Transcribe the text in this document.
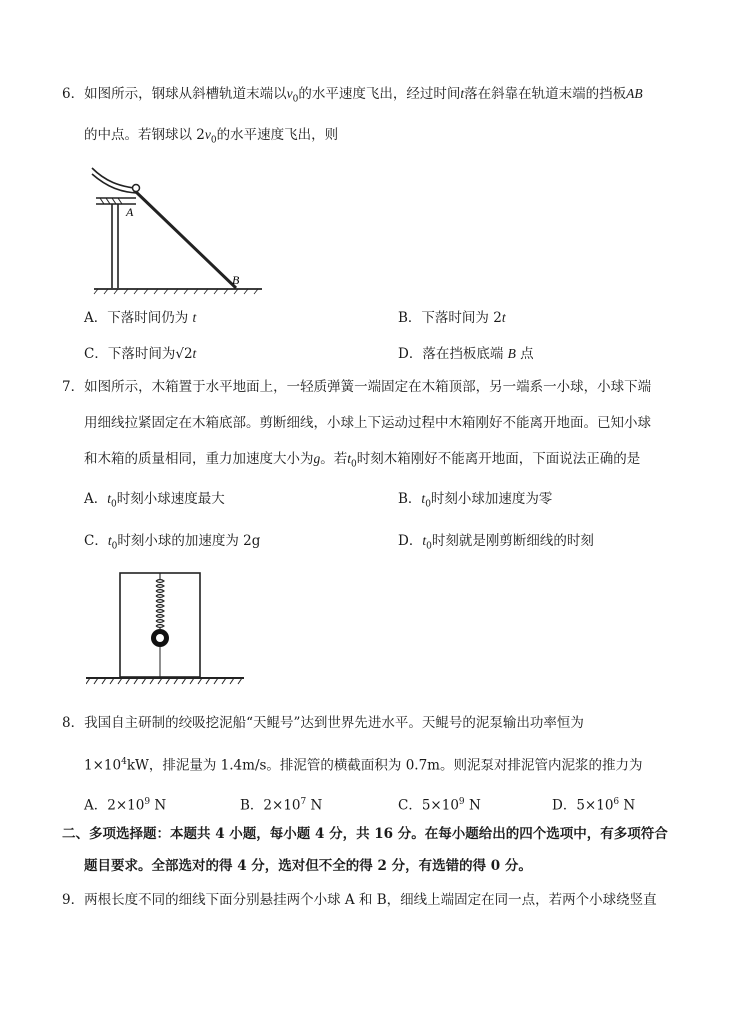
6．如图所示，钢球从斜槽轨道末端以$v_0$的水平速度飞出，经过时间t落在斜靠在轨道末端的挡板AB
的中点。若钢球以 $2v_0$的水平速度飞出，则
A
B
A．下落时间仍为 t	B．下落时间为 2t
C．下落时间为√2t	D．落在挡板底端 B 点
7．如图所示，木箱置于水平地面上，一轻质弹簧一端固定在木箱顶部，另一端系一小球，小球下端
用细线拉紧固定在木箱底部。剪断细线，小球上下运动过程中木箱刚好不能离开地面。已知小球
和木箱的质量相同，重力加速度大小为g。若$t_0$时刻木箱刚好不能离开地面，下面说法正确的是
A．$t_0$时刻小球速度最大	B．$t_0$时刻小球加速度为零
C．$t_0$时刻小球的加速度为 2g	D．$t_0$时刻就是刚剪断细线的时刻
8．我国自主研制的绞吸挖泥船“天鲲号”达到世界先进水平。天鲲号的泥泵输出功率恒为
$1\times 10^4kW$，排泥量为 1.4m/s。排泥管的横截面积为 0.7m。则泥泵对排泥管内泥浆的推力为
A．$2\times 10^9$ N	B．$2\times 10^7$ N	C．$5\times 10^9$ N	D．$5\times 10^6$ N
二、多项选择题：本题共 4 小题，每小题 4 分，共 16 分。在每小题给出的四个选项中，有多项符合
题目要求。全部选对的得 4 分，选对但不全的得 2 分，有选错的得 0 分。
9．两根长度不同的细线下面分别悬挂两个小球 A 和 B，细线上端固定在同一点，若两个小球绕竖直
